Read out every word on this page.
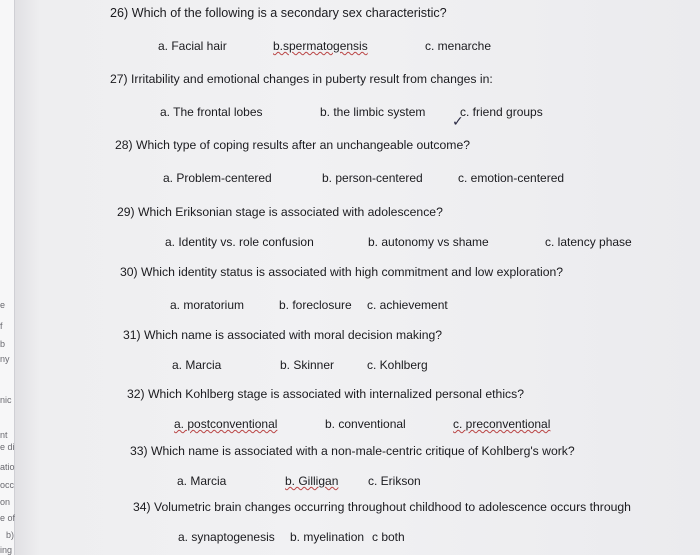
e
f
b
ny
nic
nt
e di
atio
occ
on
e of
b)
ing
26) Which of the following is a secondary sex characteristic?
a. Facial hair	b.spermatogensis	c. menarche
27) Irritability and emotional changes in puberty result from changes in:
a. The frontal lobes	b. the limbic system	c. friend groups
✓
28) Which type of coping results after an unchangeable outcome?
a. Problem-centered	b. person-centered	c. emotion-centered
29) Which Eriksonian stage is associated with adolescence?
a. Identity vs. role confusion	b. autonomy vs shame	c. latency phase
30) Which identity status is associated with high commitment and low exploration?
a. moratorium	b. foreclosure c. achievement
31) Which name is associated with moral decision making?
a. Marcia	b. Skinner	c. Kohlberg
32) Which Kohlberg stage is associated with internalized personal ethics?
a. postconventional	b. conventional	c. preconventional
33) Which name is associated with a non-male-centric critique of Kohlberg's work?
a. Marcia	b. Gilligan c. Erikson
34) Volumetric brain changes occurring throughout childhood to adolescence occurs through
a. synaptogenesis b. myelination c both
